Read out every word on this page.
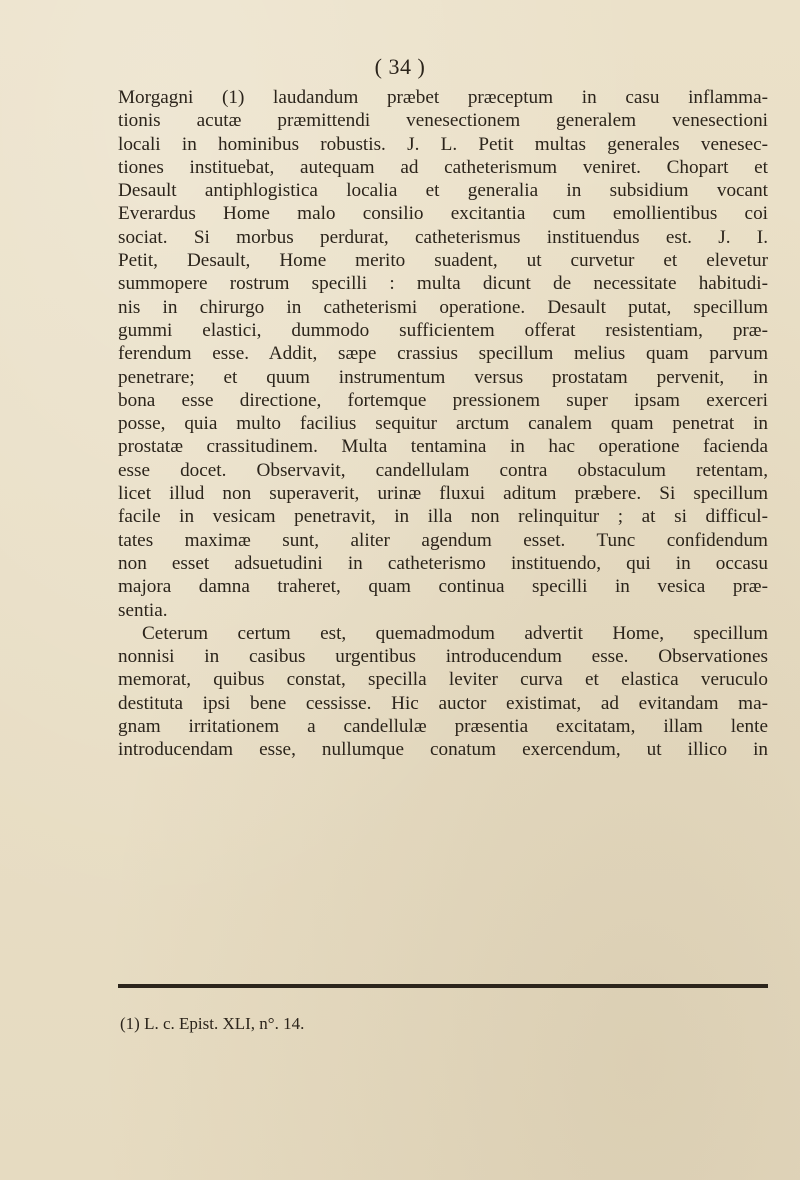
( 34 )
Morgagni (1) laudandum præbet præceptum in casu inflamma-
tionis acutæ præmittendi venesectionem generalem venesectioni
locali in hominibus robustis. J. L. Petit multas generales venesec-
tiones instituebat, autequam ad catheterismum veniret. Chopart et
Desault antiphlogistica localia et generalia in subsidium vocant
Everardus Home malo consilio excitantia cum emollientibus coi
sociat. Si morbus perdurat, catheterismus instituendus est. J. I.
Petit, Desault, Home merito suadent, ut curvetur et elevetur
summopere rostrum specilli : multa dicunt de necessitate habitudi-
nis in chirurgo in catheterismi operatione. Desault putat, specillum
gummi elastici, dummodo sufficientem offerat resistentiam, præ-
ferendum esse. Addit, sæpe crassius specillum melius quam parvum
penetrare; et quum instrumentum versus prostatam pervenit, in
bona esse directione, fortemque pressionem super ipsam exerceri
posse, quia multo facilius sequitur arctum canalem quam penetrat in
prostatæ crassitudinem. Multa tentamina in hac operatione facienda
esse docet. Observavit, candellulam contra obstaculum retentam,
licet illud non superaverit, urinæ fluxui aditum præbere. Si specillum
facile in vesicam penetravit, in illa non relinquitur ; at si difficul-
tates maximæ sunt, aliter agendum esset. Tunc confidendum
non esset adsuetudini in catheterismo instituendo, qui in occasu
majora damna traheret, quam continua specilli in vesica præ-
sentia.
Ceterum certum est, quemadmodum advertit Home, specillum
nonnisi in casibus urgentibus introducendum esse. Observationes
memorat, quibus constat, specilla leviter curva et elastica veruculo
destituta ipsi bene cessisse. Hic auctor existimat, ad evitandam ma-
gnam irritationem a candellulæ præsentia excitatam, illam lente
introducendam esse, nullumque conatum exercendum, ut illico in
(1) L. c. Epist. XLI, n°. 14.
